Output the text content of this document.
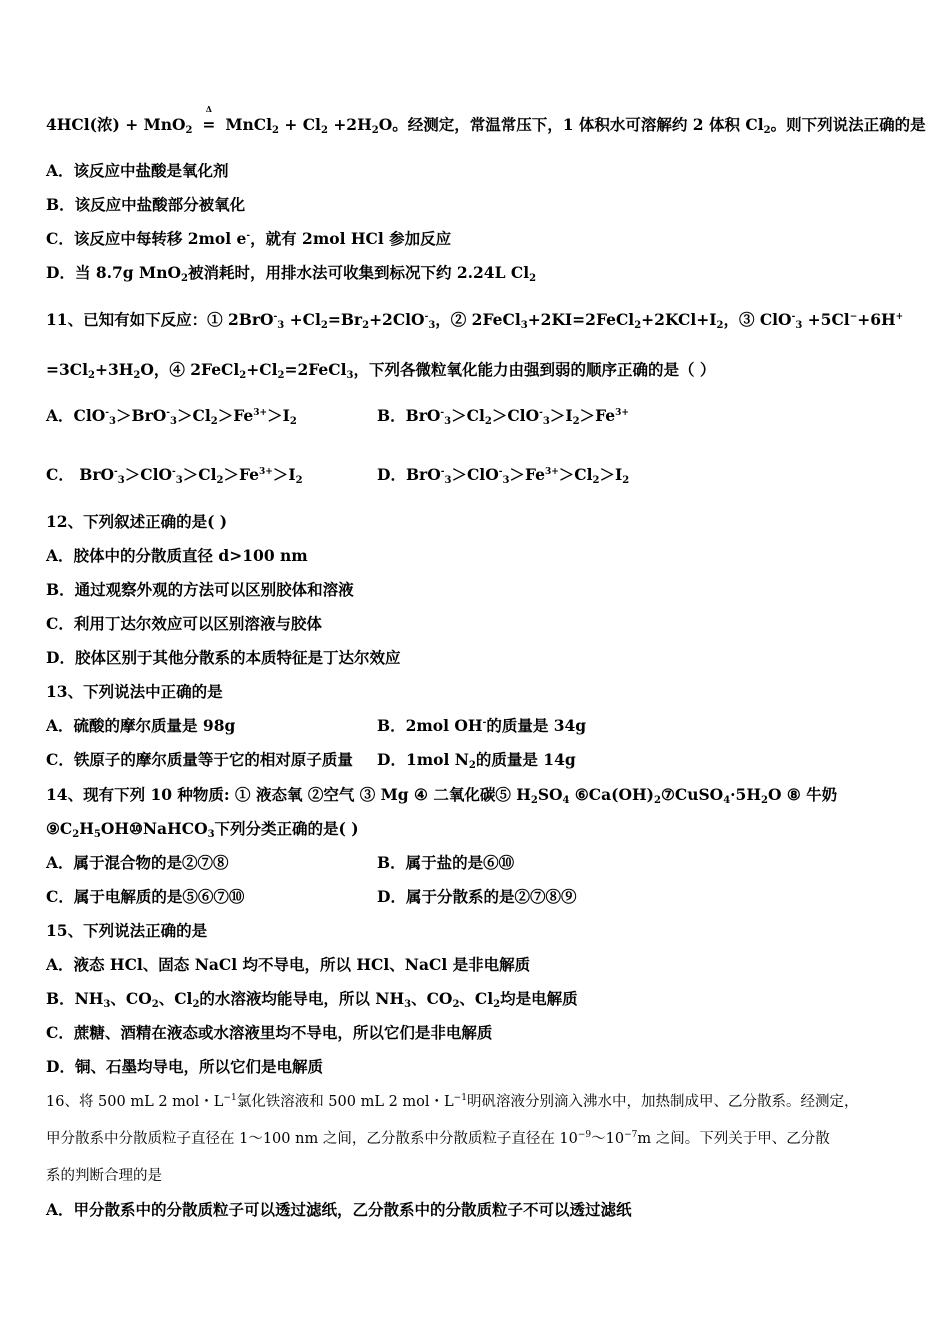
4HCl(浓) + MnO$_2$
Δ
= MnCl$_2$ + $Cl_2 +2H_2O$。经测定，常温常压下，1 体积水可溶解约 2 体积 $Cl_2$。则下列说法正确的是
A．该反应中盐酸是氧化剂
B．该反应中盐酸部分被氧化
C．该反应中每转移 2mol e-，就有 2mol HCl 参加反应
D．当 8.7g MnO$_2$被消耗时，用排水法可收集到标况下约 2.24L $Cl_2$
11、已知有如下反应：① $2BrO^-_3 +Cl_2=Br_2+2ClO^-_3$，② $2FeCl_3+2KI=2FeCl_2+2KCl+I_2$，③ ClO-$_3$ +5Cl−+6H+
$=3Cl_2+3H_2O$，④ $2FeCl_2+Cl_2=2FeCl_3$，下列各微粒氧化能力由强到弱的顺序正确的是（ ）
A．$ClO^-_3>BrO^-_3>Cl_2>Fe^{3+}>I_2$	B．$BrO^-_3>Cl_2>ClO^-_3>I_2>Fe^{3+}$
C． $BrO^-_3>ClO^-_3>Cl_2>Fe^{3+}>I_2$	D．$BrO^-_3>ClO^-_3>Fe^{3+}>Cl_2>I_2$
12、下列叙述正确的是( )
A．胶体中的分散质直径 d>100 nm
B．通过观察外观的方法可以区别胶体和溶液
C．利用丁达尔效应可以区别溶液与胶体
D．胶体区别于其他分散系的本质特征是丁达尔效应
13、下列说法中正确的是
A．硫酸的摩尔质量是 98g	B．2mol OH-的质量是 34g
C．铁原子的摩尔质量等于它的相对原子质量 D．1mol $N_2$的质量是 14g
14、现有下列 10 种物质: ① 液态氧 ②空气 ③ Mg ④ 二氧化碳⑤ $H_2SO_4$ $⑥Ca(OH)_2⑦CuSO_4\cdot 5H_2O$ ⑧ 牛奶
$⑨C_2H_5OH⑩NaHCO_3$下列分类正确的是( )
A．属于混合物的是②⑦⑧	B．属于盐的是⑥⑩
C．属于电解质的是⑤⑥⑦⑩	D．属于分散系的是②⑦⑧⑨
15、下列说法正确的是
A．液态 HCl、固态 NaCl 均不导电，所以 HCl、NaCl 是非电解质
B．$NH_3$、$CO_2$、$Cl_2$的水溶液均能导电，所以 $NH_3$、$CO_2$、$Cl_2$均是电解质
C．蔗糖、酒精在液态或水溶液里均不导电，所以它们是非电解质
D．铜、石墨均导电，所以它们是电解质
16、将 500 mL 2 mol・$L^{-1}$氯化铁溶液和 500 mL 2 mol・$L^{-1}$明矾溶液分别滴入沸水中，加热制成甲、乙分散系。经测定，
甲分散系中分散质粒子直径在 1～100 nm 之间，乙分散系中分散质粒子直径在 $10^{-9}\sim 10^{-7}m$ 之间。下列关于甲、乙分散
系的判断合理的是
A．甲分散系中的分散质粒子可以透过滤纸，乙分散系中的分散质粒子不可以透过滤纸
